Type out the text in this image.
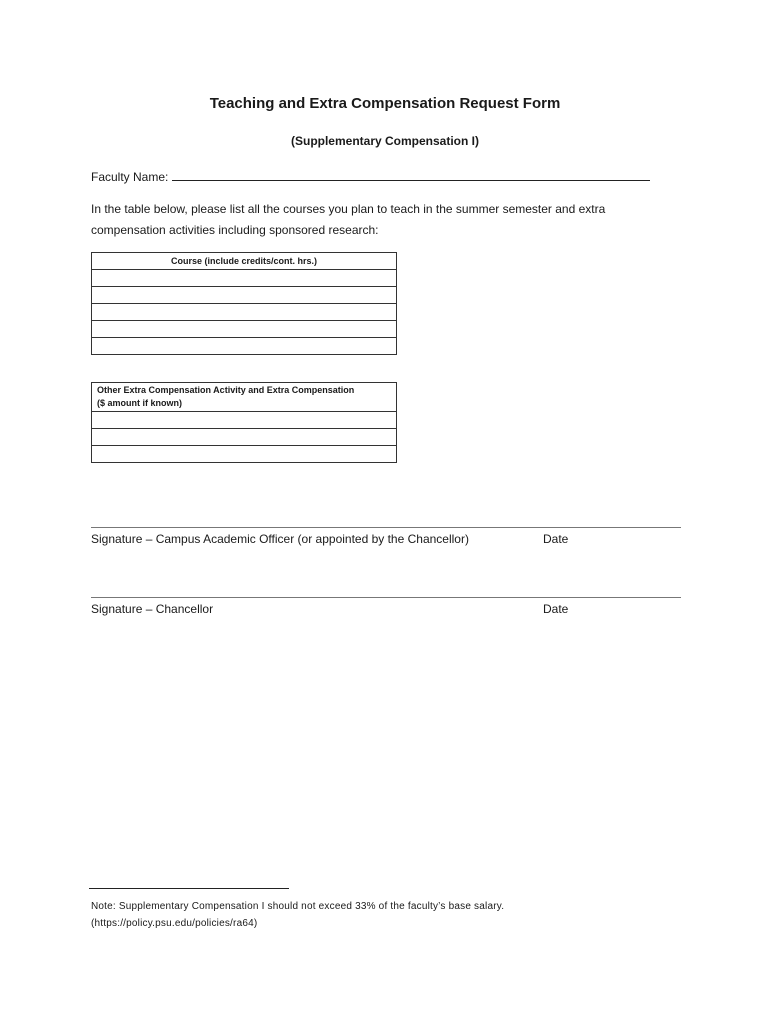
Teaching and Extra Compensation Request Form
(Supplementary Compensation I)
Faculty Name:
In the table below, please list all the courses you plan to teach in the summer semester and extra compensation activities including sponsored research:
Course (include credits/cont. hrs.)

Other Extra Compensation Activity and Extra Compensation
($ amount if known)

Signature – Campus Academic Officer (or appointed by the Chancellor)	Date
Signature – Chancellor	Date
Note: Supplementary Compensation I should not exceed 33% of the faculty’s base salary.
(https://policy.psu.edu/policies/ra64)
